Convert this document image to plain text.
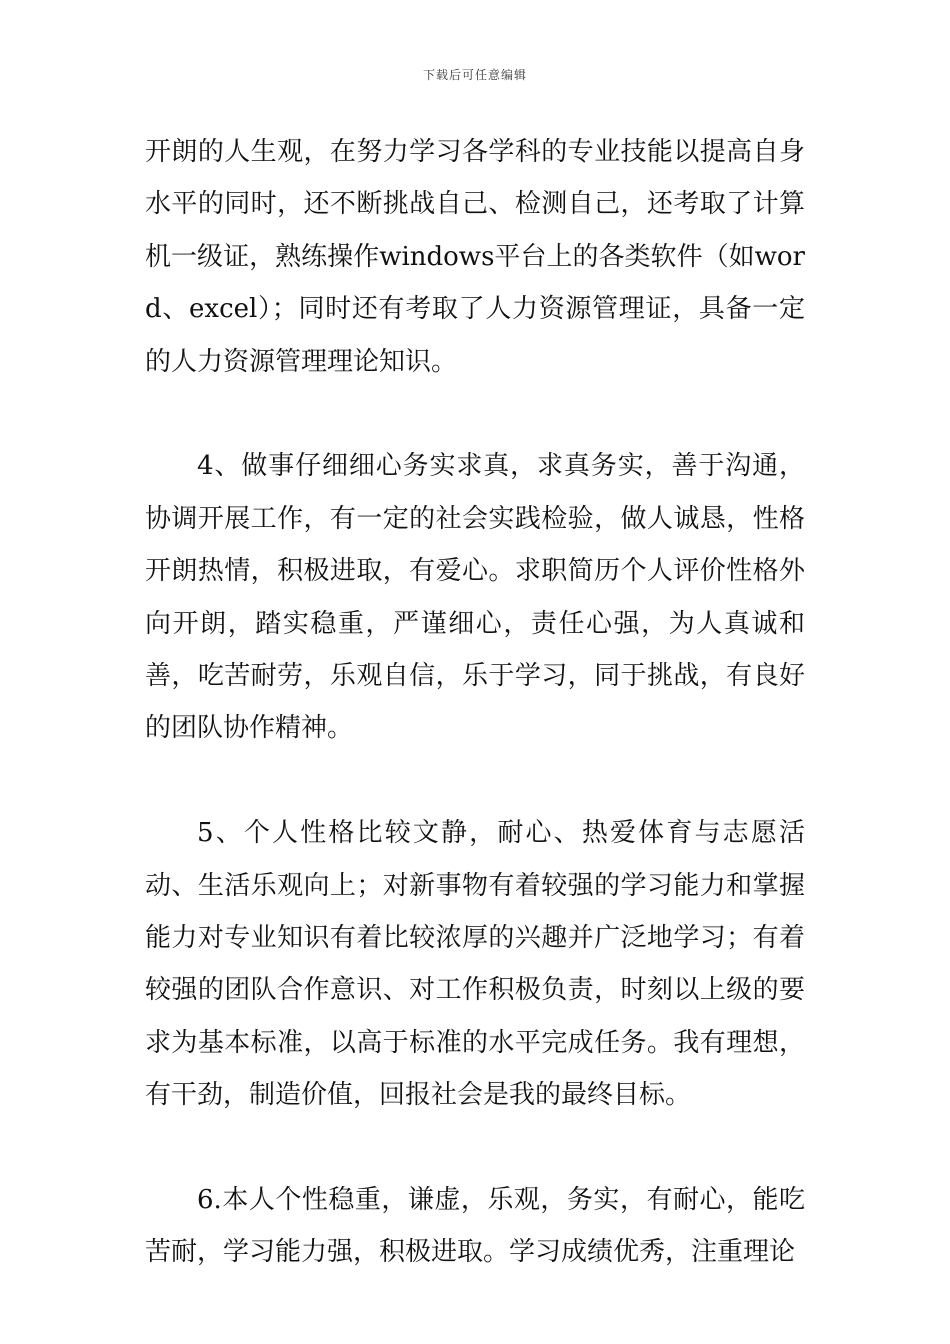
下载后可任意编辑

开朗的人生观，在努力学习各学科的专业技能以提高自身水平的同时，还不断挑战自己、检测自己，还考取了计算机一级证，熟练操作windows平台上的各类软件（如word、excel）；同时还有考取了人力资源管理证，具备一定的人力资源管理理论知识。

4、做事仔细细心务实求真，求真务实，善于沟通，协调开展工作，有一定的社会实践检验，做人诚恳，性格开朗热情，积极进取，有爱心。求职简历个人评价性格外向开朗，踏实稳重，严谨细心，责任心强，为人真诚和善，吃苦耐劳，乐观自信，乐于学习，同于挑战，有良好的团队协作精神。

5、个人性格比较文静，耐心、热爱体育与志愿活动、生活乐观向上；对新事物有着较强的学习能力和掌握能力对专业知识有着比较浓厚的兴趣并广泛地学习；有着较强的团队合作意识、对工作积极负责，时刻以上级的要求为基本标准，以高于标准的水平完成任务。我有理想，有干劲，制造价值，回报社会是我的最终目标。

6.本人个性稳重，谦虚，乐观，务实，有耐心，能吃苦耐，学习能力强，积极进取。学习成绩优秀，注重理论
